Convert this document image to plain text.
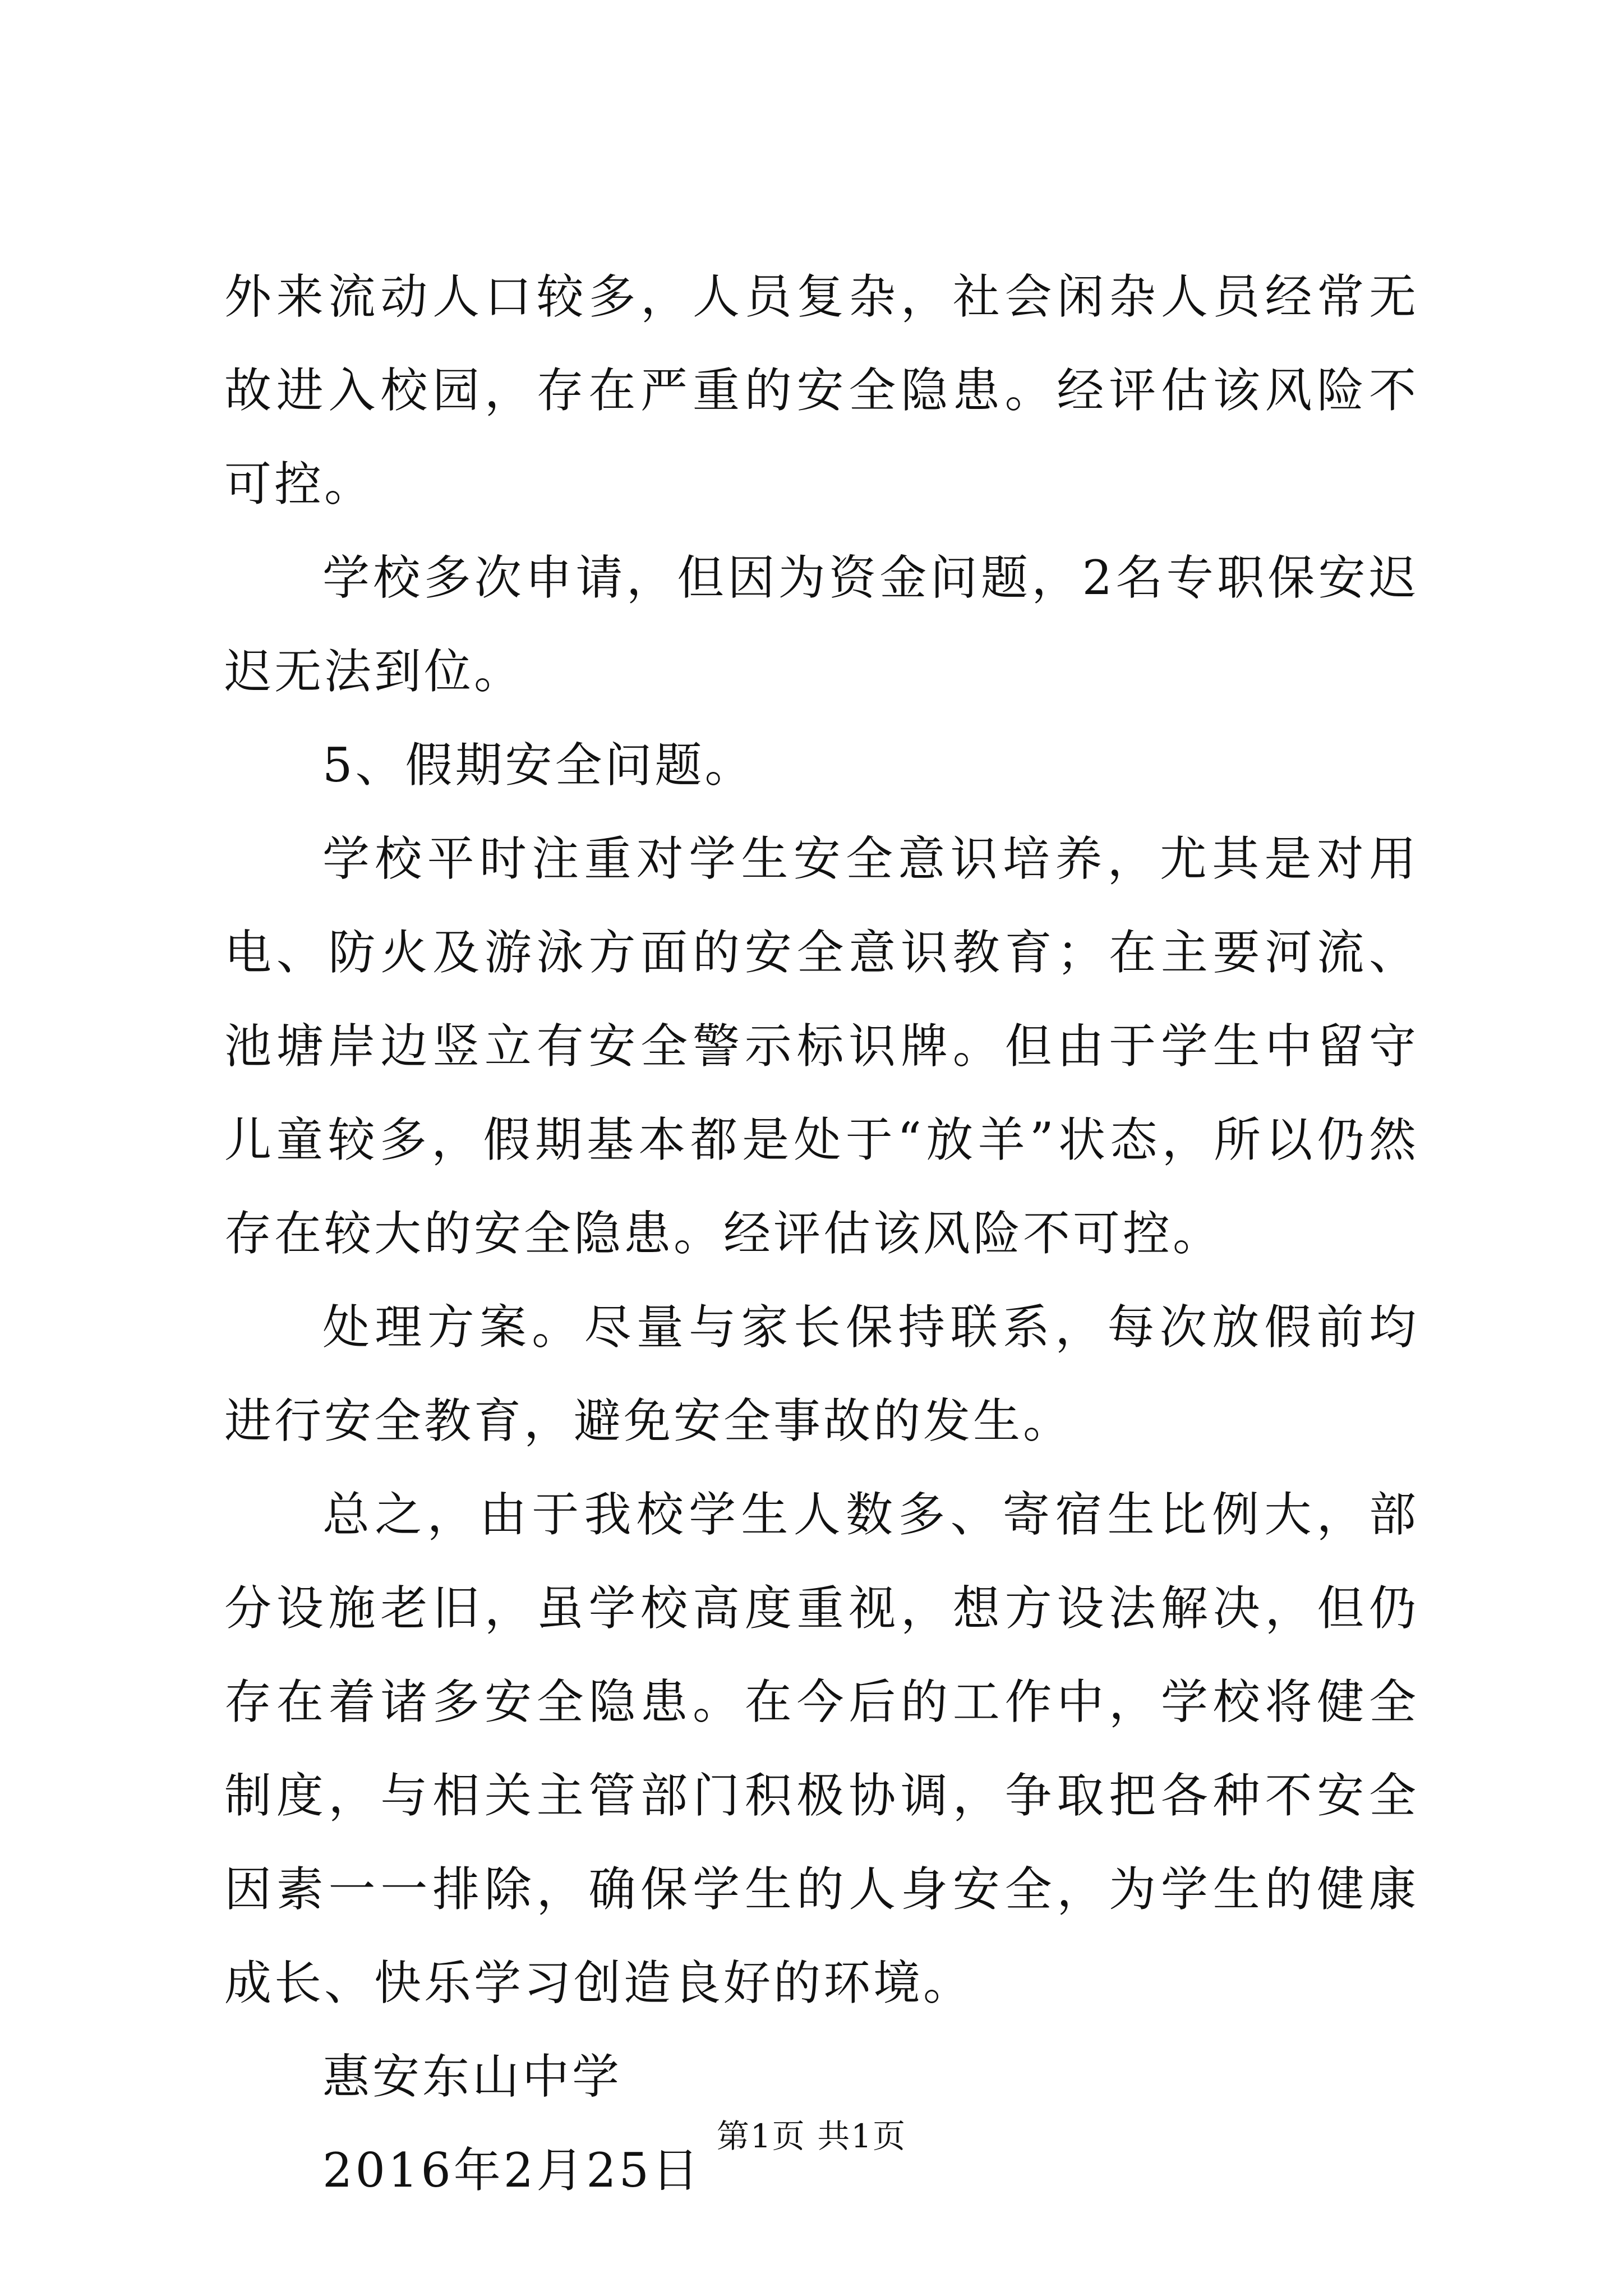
外来流动人口较多，人员复杂，社会闲杂人员经常无故进入校园，存在严重的安全隐患。经评估该风险不可控。

学校多次申请，但因为资金问题，2名专职保安迟迟无法到位。

5、假期安全问题。

学校平时注重对学生安全意识培养，尤其是对用电、防火及游泳方面的安全意识教育；在主要河流、池塘岸边竖立有安全警示标识牌。但由于学生中留守儿童较多，假期基本都是处于“放羊”状态，所以仍然存在较大的安全隐患。经评估该风险不可控。

处理方案。尽量与家长保持联系，每次放假前均进行安全教育，避免安全事故的发生。

总之，由于我校学生人数多、寄宿生比例大，部分设施老旧，虽学校高度重视，想方设法解决，但仍存在着诸多安全隐患。在今后的工作中，学校将健全制度，与相关主管部门积极协调，争取把各种不安全因素一一排除，确保学生的人身安全，为学生的健康成长、快乐学习创造良好的环境。

惠安东山中学

2016年2月25日

第1页 共1页
